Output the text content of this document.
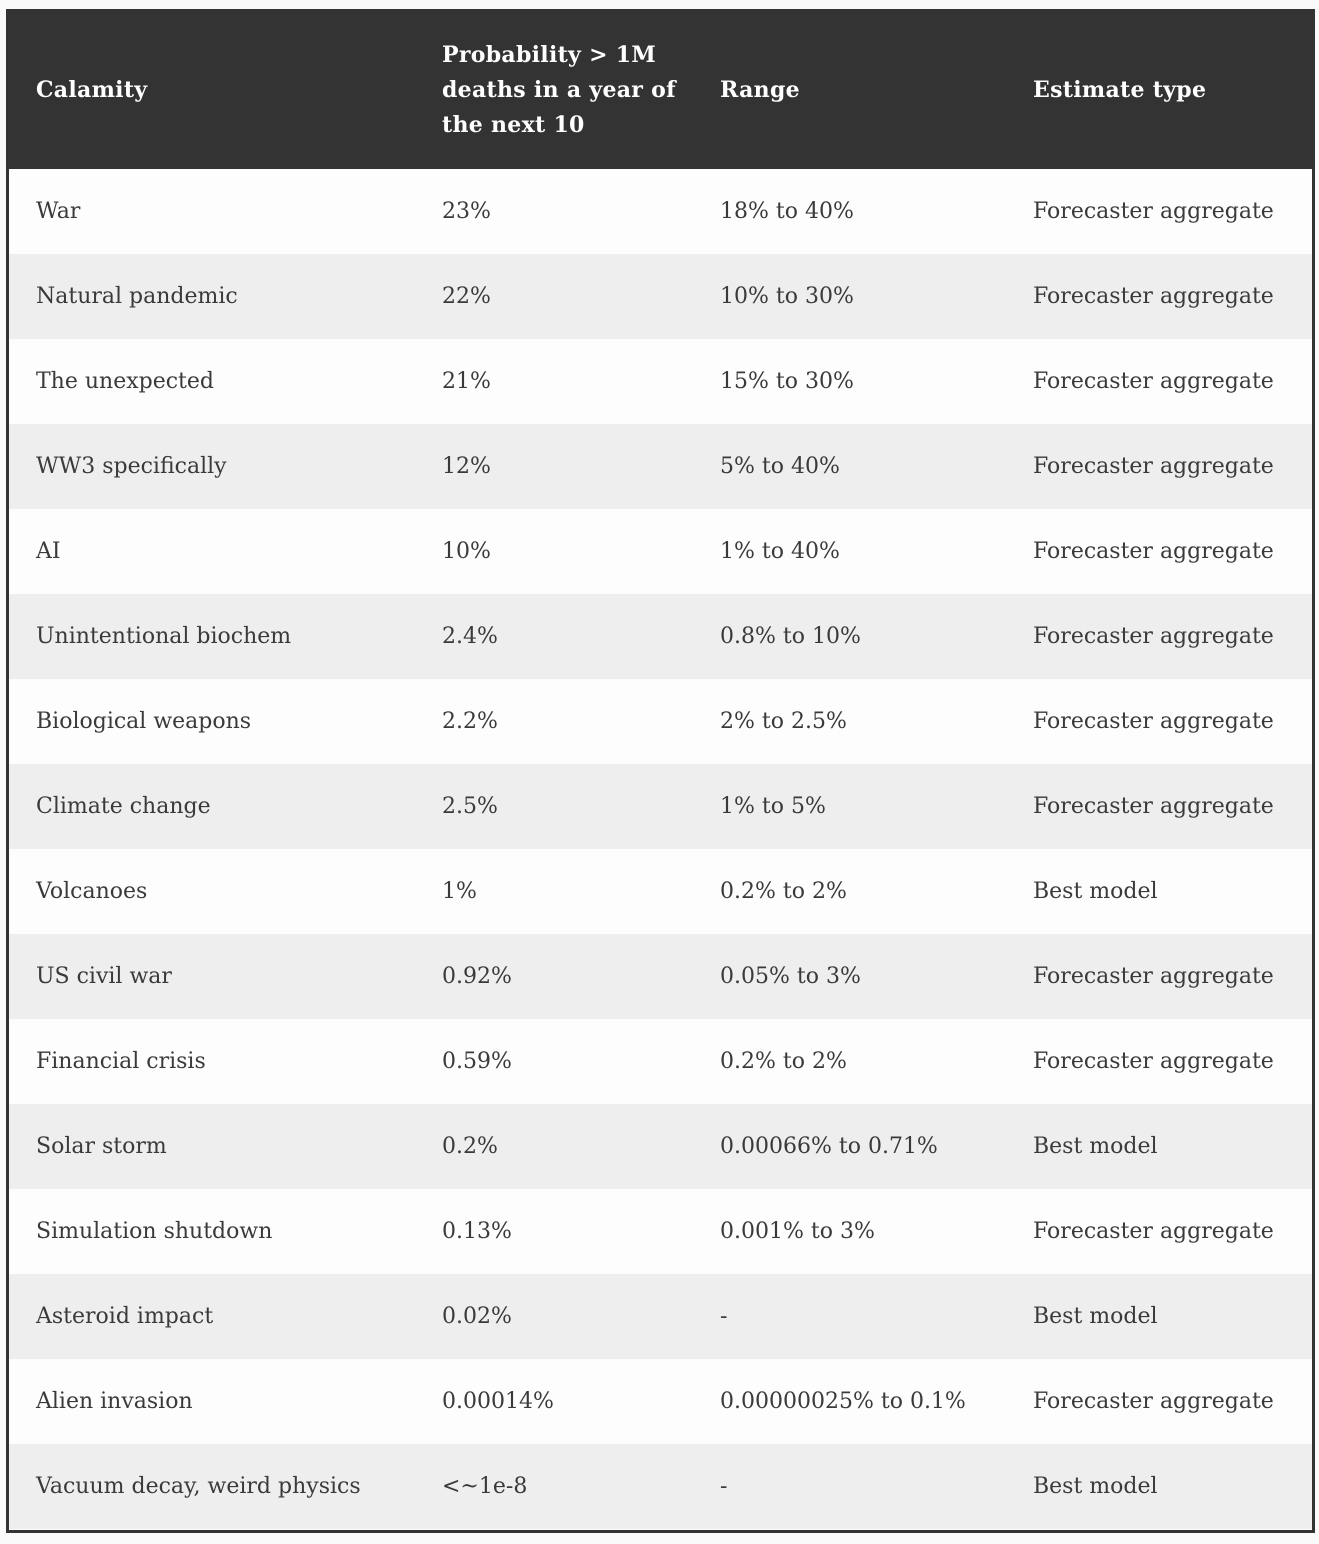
Calamity	Probability > 1M deaths in a year of the next 10	Range	Estimate type
War	23%	18% to 40%	Forecaster aggregate
Natural pandemic	22%	10% to 30%	Forecaster aggregate
The unexpected	21%	15% to 30%	Forecaster aggregate
WW3 specifically	12%	5% to 40%	Forecaster aggregate
AI	10%	1% to 40%	Forecaster aggregate
Unintentional biochem	2.4%	0.8% to 10%	Forecaster aggregate
Biological weapons	2.2%	2% to 2.5%	Forecaster aggregate
Climate change	2.5%	1% to 5%	Forecaster aggregate
Volcanoes	1%	0.2% to 2%	Best model
US civil war	0.92%	0.05% to 3%	Forecaster aggregate
Financial crisis	0.59%	0.2% to 2%	Forecaster aggregate
Solar storm	0.2%	0.00066% to 0.71%	Best model
Simulation shutdown	0.13%	0.001% to 3%	Forecaster aggregate
Asteroid impact	0.02%	-	Best model
Alien invasion	0.00014%	0.00000025% to 0.1%	Forecaster aggregate
Vacuum decay, weird physics	<~1e-8	-	Best model
